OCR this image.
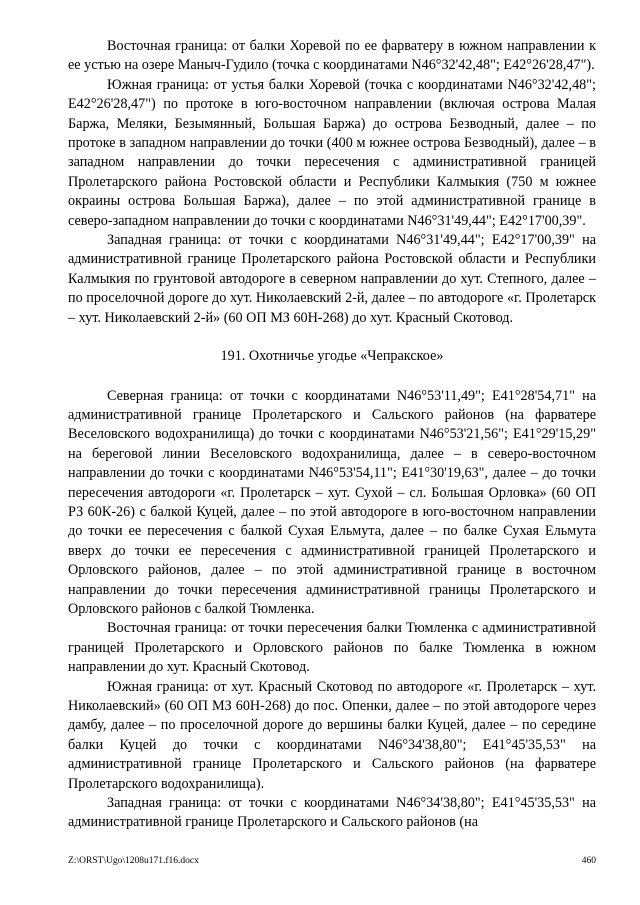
Восточная граница: от балки Хоревой по ее фарватеру в южном направлении к ее устью на озере Маныч-Гудило (точка с координатами N46°32'42,48"; E42°26'28,47").

Южная граница: от устья балки Хоревой (точка с координатами N46°32'42,48"; E42°26'28,47") по протоке в юго-восточном направлении (включая острова Малая Баржа, Меляки, Безымянный, Большая Баржа) до острова Безводный, далее – по протоке в западном направлении до точки (400 м южнее острова Безводный), далее – в западном направлении до точки пересечения с административной границей Пролетарского района Ростовской области и Республики Калмыкия (750 м южнее окраины острова Большая Баржа), далее – по этой административной границе в северо-западном направлении до точки с координатами N46°31'49,44"; E42°17'00,39".

Западная граница: от точки с координатами N46°31'49,44"; E42°17'00,39" на административной границе Пролетарского района Ростовской области и Республики Калмыкия по грунтовой автодороге в северном направлении до хут. Степного, далее – по проселочной дороге до хут. Николаевский 2-й, далее – по автодороге «г. Пролетарск – хут. Николаевский 2-й» (60 ОП МЗ 60Н-268) до хут. Красный Скотовод.

191. Охотничье угодье «Чепракское»

Северная граница: от точки с координатами N46°53'11,49"; E41°28'54,71" на административной границе Пролетарского и Сальского районов (на фарватере Веселовского водохранилища) до точки с координатами N46°53'21,56"; E41°29'15,29" на береговой линии Веселовского водохранилища, далее – в северо-восточном направлении до точки с координатами N46°53'54,11"; E41°30'19,63", далее – до точки пересечения автодороги «г. Пролетарск – хут. Сухой – сл. Большая Орловка» (60 ОП РЗ 60К-26) с балкой Куцей, далее – по этой автодороге в юго-восточном направлении до точки ее пересечения с балкой Сухая Ельмута, далее – по балке Сухая Ельмута вверх до точки ее пересечения с административной границей Пролетарского и Орловского районов, далее – по этой административной границе в восточном направлении до точки пересечения административной границы Пролетарского и Орловского районов с балкой Тюмленка.

Восточная граница: от точки пересечения балки Тюмленка с административной границей Пролетарского и Орловского районов по балке Тюмленка в южном направлении до хут. Красный Скотовод.

Южная граница: от хут. Красный Скотовод по автодороге «г. Пролетарск – хут. Николаевский» (60 ОП МЗ 60Н-268) до пос. Опенки, далее – по этой автодороге через дамбу, далее – по проселочной дороге до вершины балки Куцей, далее – по середине балки Куцей до точки с координатами N46°34'38,80"; E41°45'35,53" на административной границе Пролетарского и Сальского районов (на фарватере Пролетарского водохранилища).

Западная граница: от точки с координатами N46°34'38,80"; E41°45'35,53" на административной границе Пролетарского и Сальского районов (на

Z:\ORST\Ugo\1208u171.f16.docx	460
